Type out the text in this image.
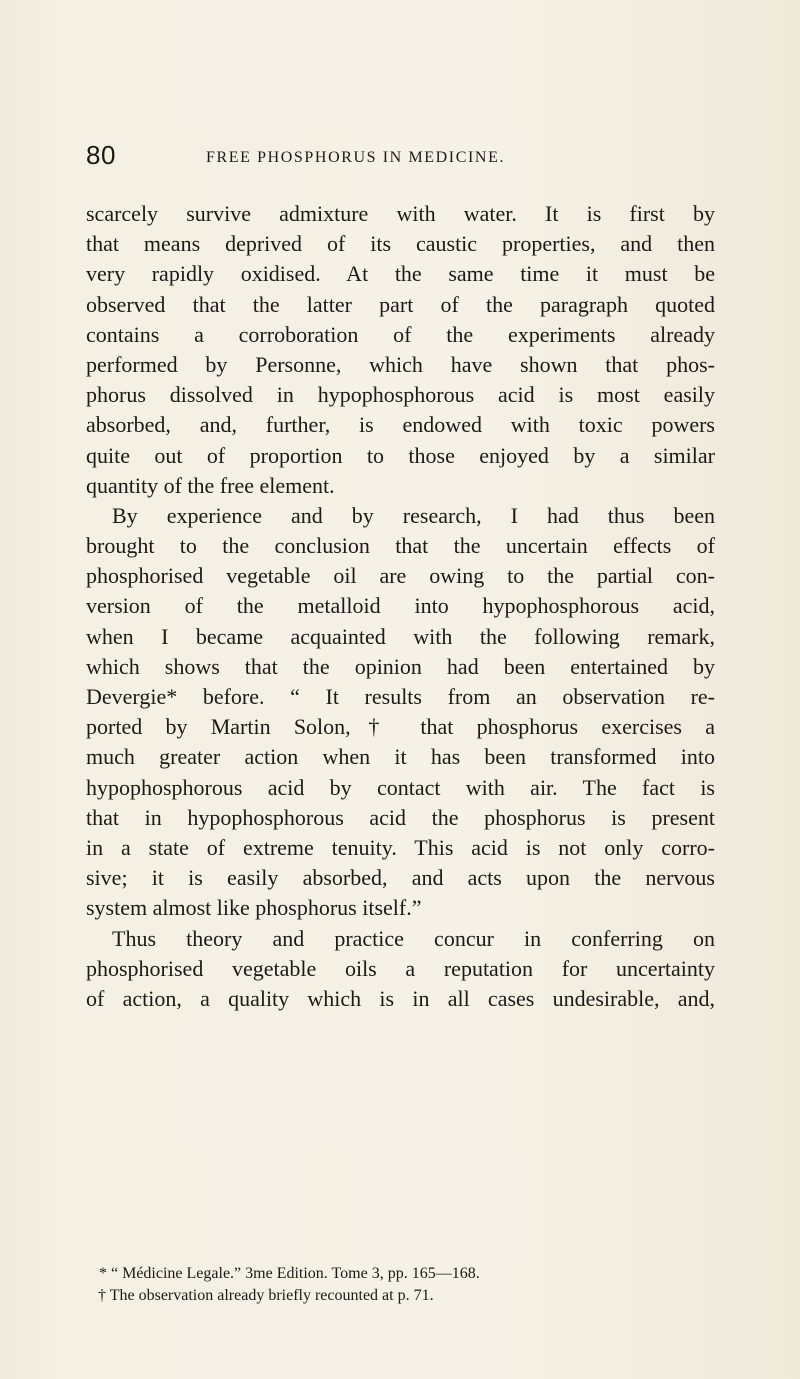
80	FREE PHOSPHORUS IN MEDICINE.
scarcely survive admixture with water. It is first by
that means deprived of its caustic properties, and then
very rapidly oxidised. At the same time it must be
observed that the latter part of the paragraph quoted
contains a corroboration of the experiments already
performed by Personne, which have shown that phos-
phorus dissolved in hypophosphorous acid is most easily
absorbed, and, further, is endowed with toxic powers
quite out of proportion to those enjoyed by a similar
quantity of the free element.
By experience and by research, I had thus been
brought to the conclusion that the uncertain effects of
phosphorised vegetable oil are owing to the partial con-
version of the metalloid into hypophosphorous acid,
when I became acquainted with the following remark,
which shows that the opinion had been entertained by
Devergie* before. “ It results from an observation re-
ported by Martin Solon,† that phosphorus exercises a
much greater action when it has been transformed into
hypophosphorous acid by contact with air. The fact is
that in hypophosphorous acid the phosphorus is present
in a state of extreme tenuity. This acid is not only corro-
sive; it is easily absorbed, and acts upon the nervous
system almost like phosphorus itself.”
Thus theory and practice concur in conferring on
phosphorised vegetable oils a reputation for uncertainty
of action, a quality which is in all cases undesirable, and,
* “ Médicine Legale.” 3me Edition. Tome 3, pp. 165—168.
† The observation already briefly recounted at p. 71.
